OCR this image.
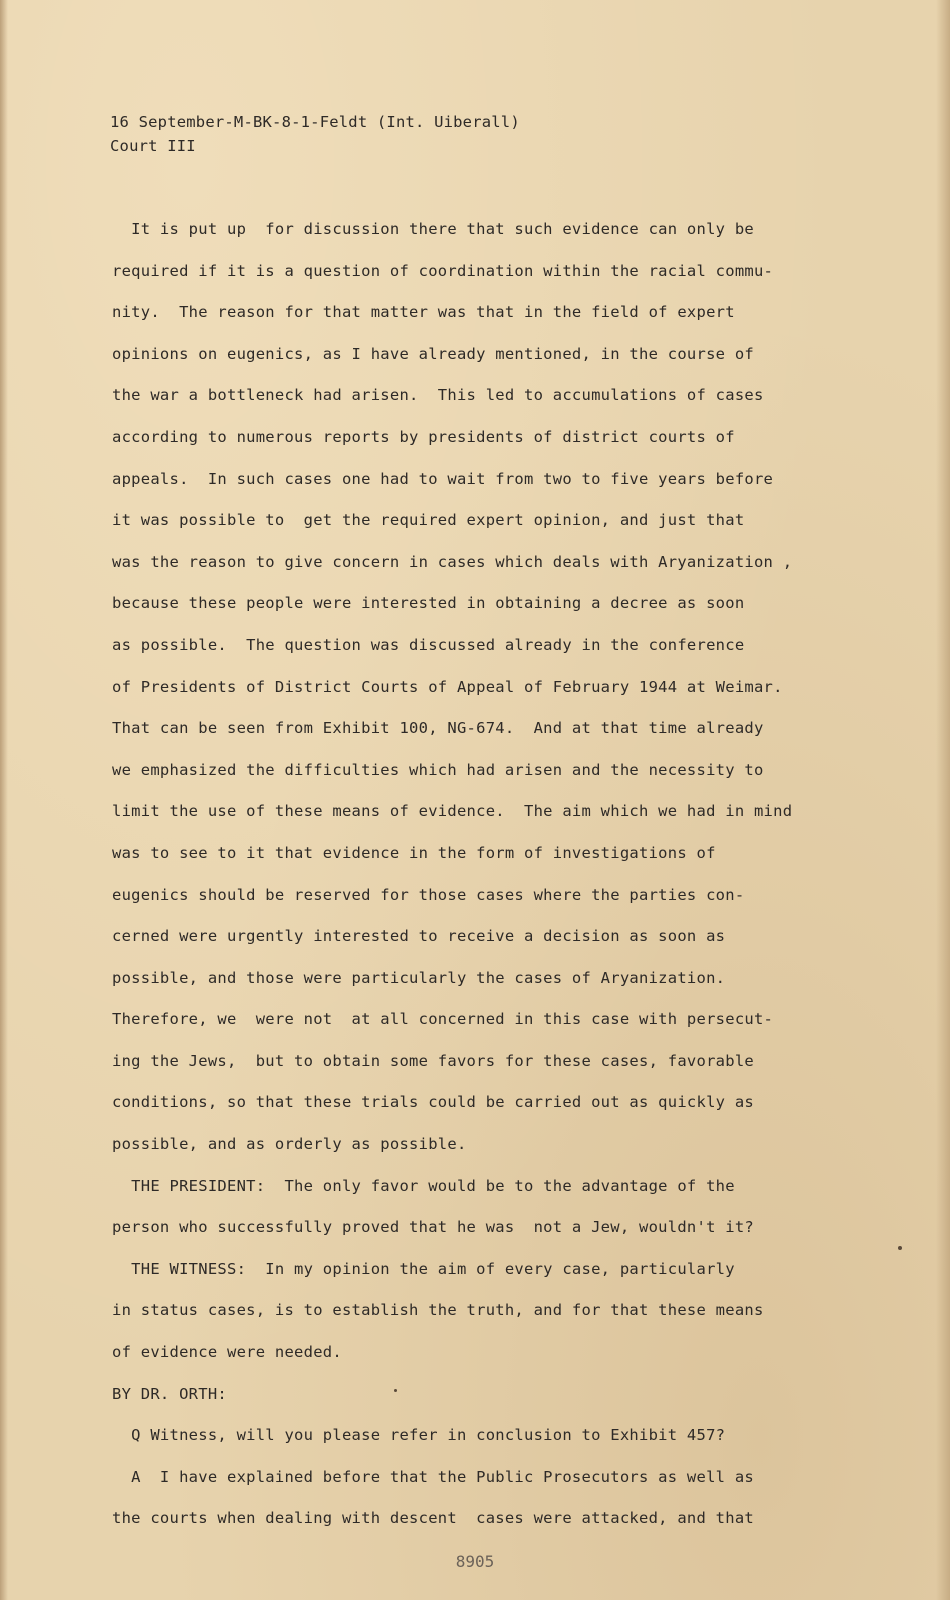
16 September-M-BK-8-1-Feldt (Int. Uiberall)
Court III
It is put up  for discussion there that such evidence can only be
required if it is a question of coordination within the racial commu-
nity.  The reason for that matter was that in the field of expert
opinions on eugenics, as I have already mentioned, in the course of
the war a bottleneck had arisen.  This led to accumulations of cases
according to numerous reports by presidents of district courts of
appeals.  In such cases one had to wait from two to five years before
it was possible to  get the required expert opinion, and just that
was the reason to give concern in cases which deals with Aryanization ,
because these people were interested in obtaining a decree as soon
as possible.  The question was discussed already in the conference
of Presidents of District Courts of Appeal of February 1944 at Weimar.
That can be seen from Exhibit 100, NG-674.  And at that time already
we emphasized the difficulties which had arisen and the necessity to
limit the use of these means of evidence.  The aim which we had in mind
was to see to it that evidence in the form of investigations of
eugenics should be reserved for those cases where the parties con-
cerned were urgently interested to receive a decision as soon as
possible, and those were particularly the cases of Aryanization.
Therefore, we  were not  at all concerned in this case with persecut-
ing the Jews,  but to obtain some favors for these cases, favorable
conditions, so that these trials could be carried out as quickly as
possible, and as orderly as possible.
THE PRESIDENT:  The only favor would be to the advantage of the
person who successfully proved that he was  not a Jew, wouldn't it?
THE WITNESS:  In my opinion the aim of every case, particularly
in status cases, is to establish the truth, and for that these means
of evidence were needed.
BY DR. ORTH:
Q Witness, will you please refer in conclusion to Exhibit 457?
A  I have explained before that the Public Prosecutors as well as
the courts when dealing with descent  cases were attacked, and that
8905
